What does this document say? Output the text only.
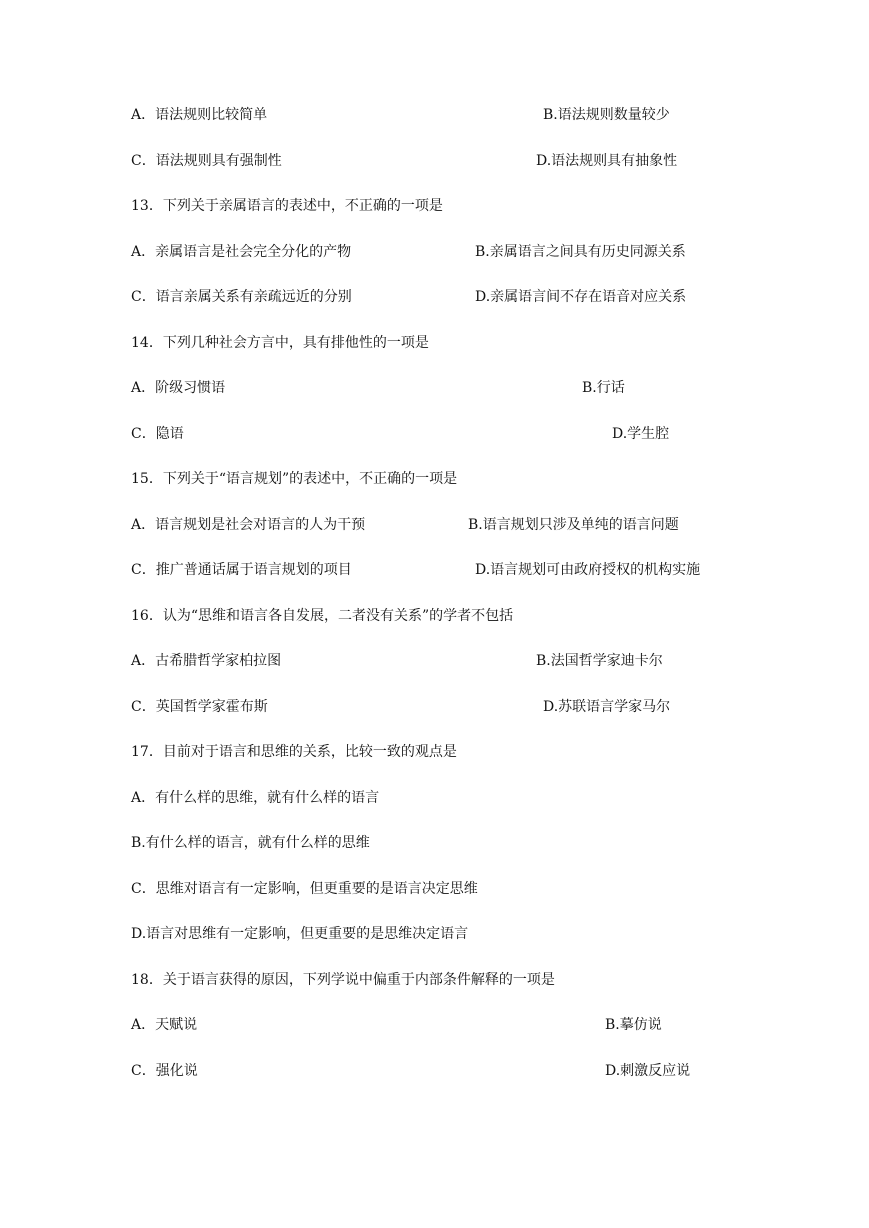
A．语法规则比较简单	B.语法规则数量较少
C．语法规则具有强制性	D.语法规则具有抽象性
13．下列关于亲属语言的表述中，不正确的一项是
A．亲属语言是社会完全分化的产物	B.亲属语言之间具有历史同源关系
C．语言亲属关系有亲疏远近的分别	D.亲属语言间不存在语音对应关系
14．下列几种社会方言中，具有排他性的一项是
A．阶级习惯语	B.行话
C．隐语	D.学生腔
15．下列关于“语言规划”的表述中，不正确的一项是
A．语言规划是社会对语言的人为干预	B.语言规划只涉及单纯的语言问题
C．推广普通话属于语言规划的项目	D.语言规划可由政府授权的机构实施
16．认为“思维和语言各自发展，二者没有关系”的学者不包括
A．古希腊哲学家柏拉图	B.法国哲学家迪卡尔
C．英国哲学家霍布斯	D.苏联语言学家马尔
17．目前对于语言和思维的关系，比较一致的观点是
A．有什么样的思维，就有什么样的语言
B.有什么样的语言，就有什么样的思维
C．思维对语言有一定影响，但更重要的是语言决定思维
D.语言对思维有一定影响，但更重要的是思维决定语言
18．关于语言获得的原因，下列学说中偏重于内部条件解释的一项是
A．天赋说	B.摹仿说
C．强化说	D.刺激反应说
